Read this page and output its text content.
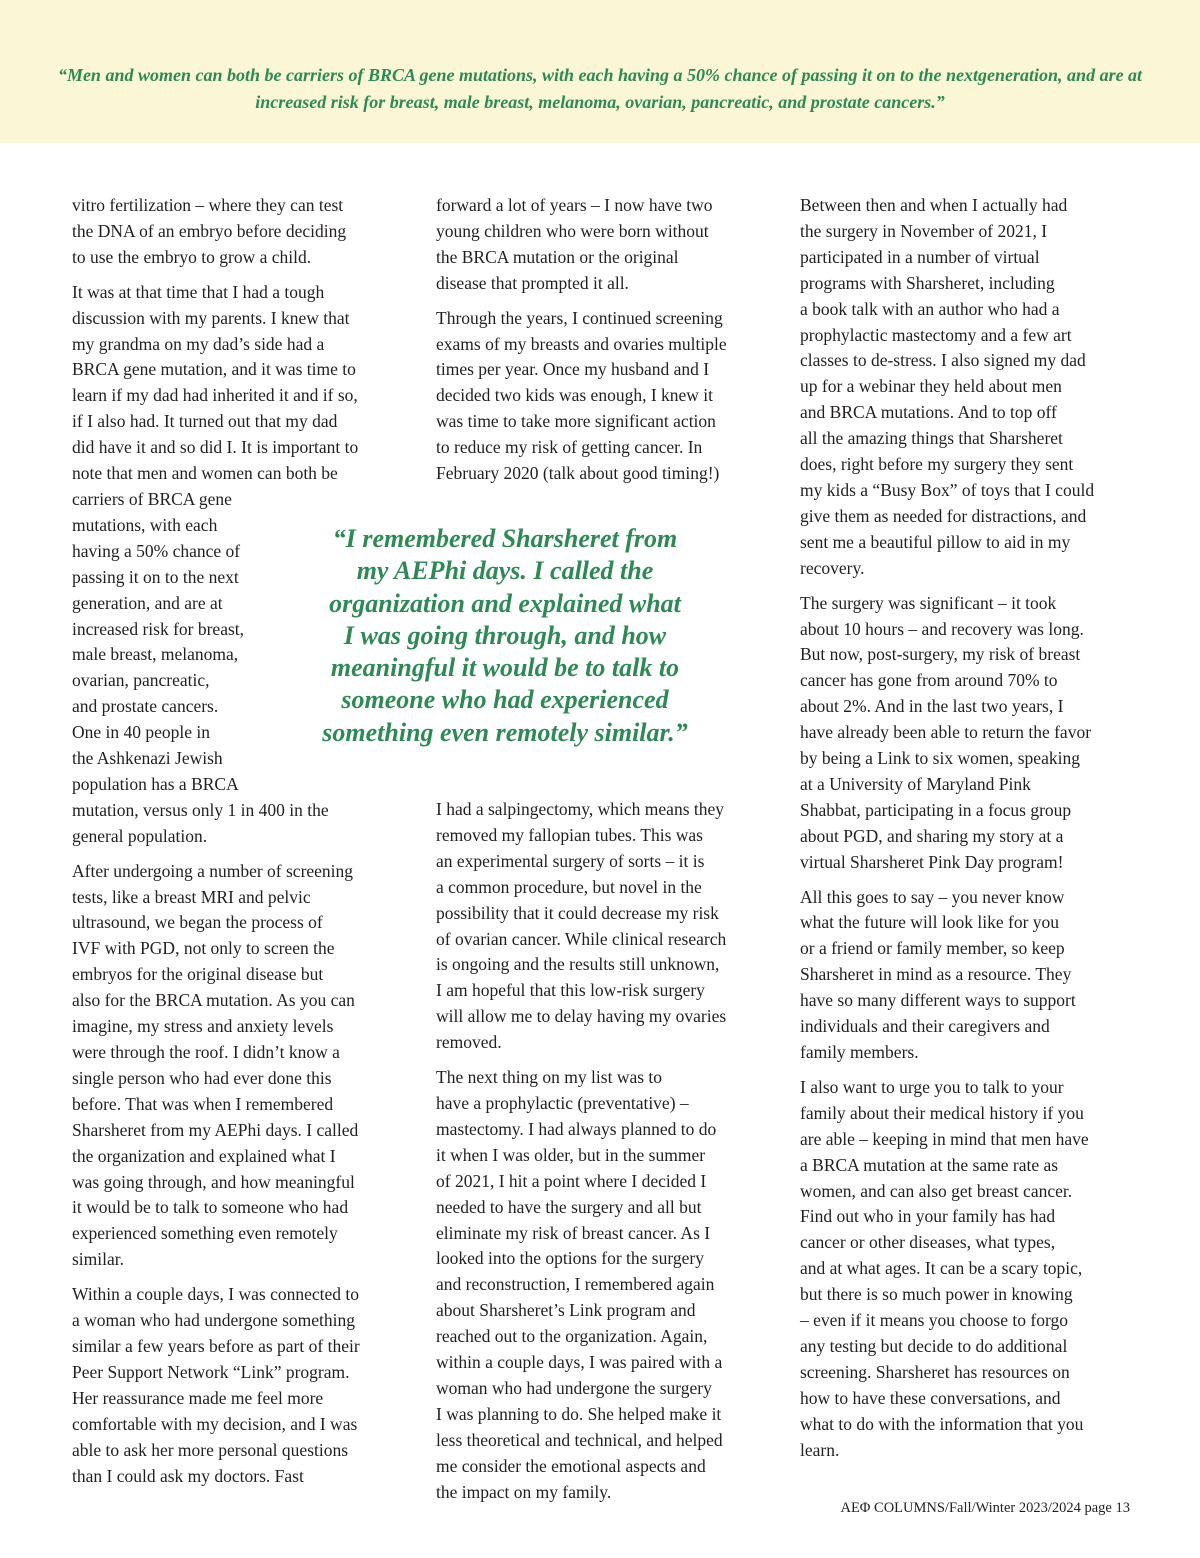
“Men and women can both be carriers of BRCA gene mutations, with each having a 50% chance of passing it on to the nextgeneration, and are at increased risk for breast, male breast, melanoma, ovarian, pancreatic, and prostate cancers.”

vitro fertilization – where they can test
the DNA of an embryo before deciding
to use the embryo to grow a child.

It was at that time that I had a tough
discussion with my parents. I knew that
my grandma on my dad’s side had a
BRCA gene mutation, and it was time to
learn if my dad had inherited it and if so,
if I also had. It turned out that my dad
did have it and so did I. It is important to
note that men and women can both be
carriers of BRCA gene
mutations, with each
having a 50% chance of
passing it on to the next
generation, and are at
increased risk for breast,
male breast, melanoma,
ovarian, pancreatic,
and prostate cancers.
One in 40 people in
the Ashkenazi Jewish
population has a BRCA
mutation, versus only 1 in 400 in the
general population.

After undergoing a number of screening
tests, like a breast MRI and pelvic
ultrasound, we began the process of
IVF with PGD, not only to screen the
embryos for the original disease but
also for the BRCA mutation. As you can
imagine, my stress and anxiety levels
were through the roof. I didn’t know a
single person who had ever done this
before. That was when I remembered
Sharsheret from my AEPhi days. I called
the organization and explained what I
was going through, and how meaningful
it would be to talk to someone who had
experienced something even remotely
similar.

Within a couple days, I was connected to
a woman who had undergone something
similar a few years before as part of their
Peer Support Network “Link” program.
Her reassurance made me feel more
comfortable with my decision, and I was
able to ask her more personal questions
than I could ask my doctors. Fast

forward a lot of years – I now have two
young children who were born without
the BRCA mutation or the original
disease that prompted it all.

Through the years, I continued screening
exams of my breasts and ovaries multiple
times per year. Once my husband and I
decided two kids was enough, I knew it
was time to take more significant action
to reduce my risk of getting cancer. In
February 2020 (talk about good timing!)

“I remembered Sharsheret from
my AEPhi days. I called the
organization and explained what
I was going through, and how
meaningful it would be to talk to
someone who had experienced
something even remotely similar.”

I had a salpingectomy, which means they
removed my fallopian tubes. This was
an experimental surgery of sorts – it is
a common procedure, but novel in the
possibility that it could decrease my risk
of ovarian cancer. While clinical research
is ongoing and the results still unknown,
I am hopeful that this low-risk surgery
will allow me to delay having my ovaries
removed.

The next thing on my list was to
have a prophylactic (preventative) –
mastectomy. I had always planned to do
it when I was older, but in the summer
of 2021, I hit a point where I decided I
needed to have the surgery and all but
eliminate my risk of breast cancer. As I
looked into the options for the surgery
and reconstruction, I remembered again
about Sharsheret’s Link program and
reached out to the organization. Again,
within a couple days, I was paired with a
woman who had undergone the surgery
I was planning to do. She helped make it
less theoretical and technical, and helped
me consider the emotional aspects and
the impact on my family.

Between then and when I actually had
the surgery in November of 2021, I
participated in a number of virtual
programs with Sharsheret, including
a book talk with an author who had a
prophylactic mastectomy and a few art
classes to de-stress. I also signed my dad
up for a webinar they held about men
and BRCA mutations. And to top off
all the amazing things that Sharsheret
does, right before my surgery they sent
my kids a “Busy Box” of toys that I could
give them as needed for distractions, and
sent me a beautiful pillow to aid in my
recovery.

The surgery was significant – it took
about 10 hours – and recovery was long.
But now, post-surgery, my risk of breast
cancer has gone from around 70% to
about 2%. And in the last two years, I
have already been able to return the favor
by being a Link to six women, speaking
at a University of Maryland Pink
Shabbat, participating in a focus group
about PGD, and sharing my story at a
virtual Sharsheret Pink Day program!

All this goes to say – you never know
what the future will look like for you
or a friend or family member, so keep
Sharsheret in mind as a resource. They
have so many different ways to support
individuals and their caregivers and
family members.

I also want to urge you to talk to your
family about their medical history if you
are able – keeping in mind that men have
a BRCA mutation at the same rate as
women, and can also get breast cancer.
Find out who in your family has had
cancer or other diseases, what types,
and at what ages. It can be a scary topic,
but there is so much power in knowing
– even if it means you choose to forgo
any testing but decide to do additional
screening. Sharsheret has resources on
how to have these conversations, and
what to do with the information that you
learn.

ΑΕΦ COLUMNS/Fall/Winter 2023/2024 page 13
